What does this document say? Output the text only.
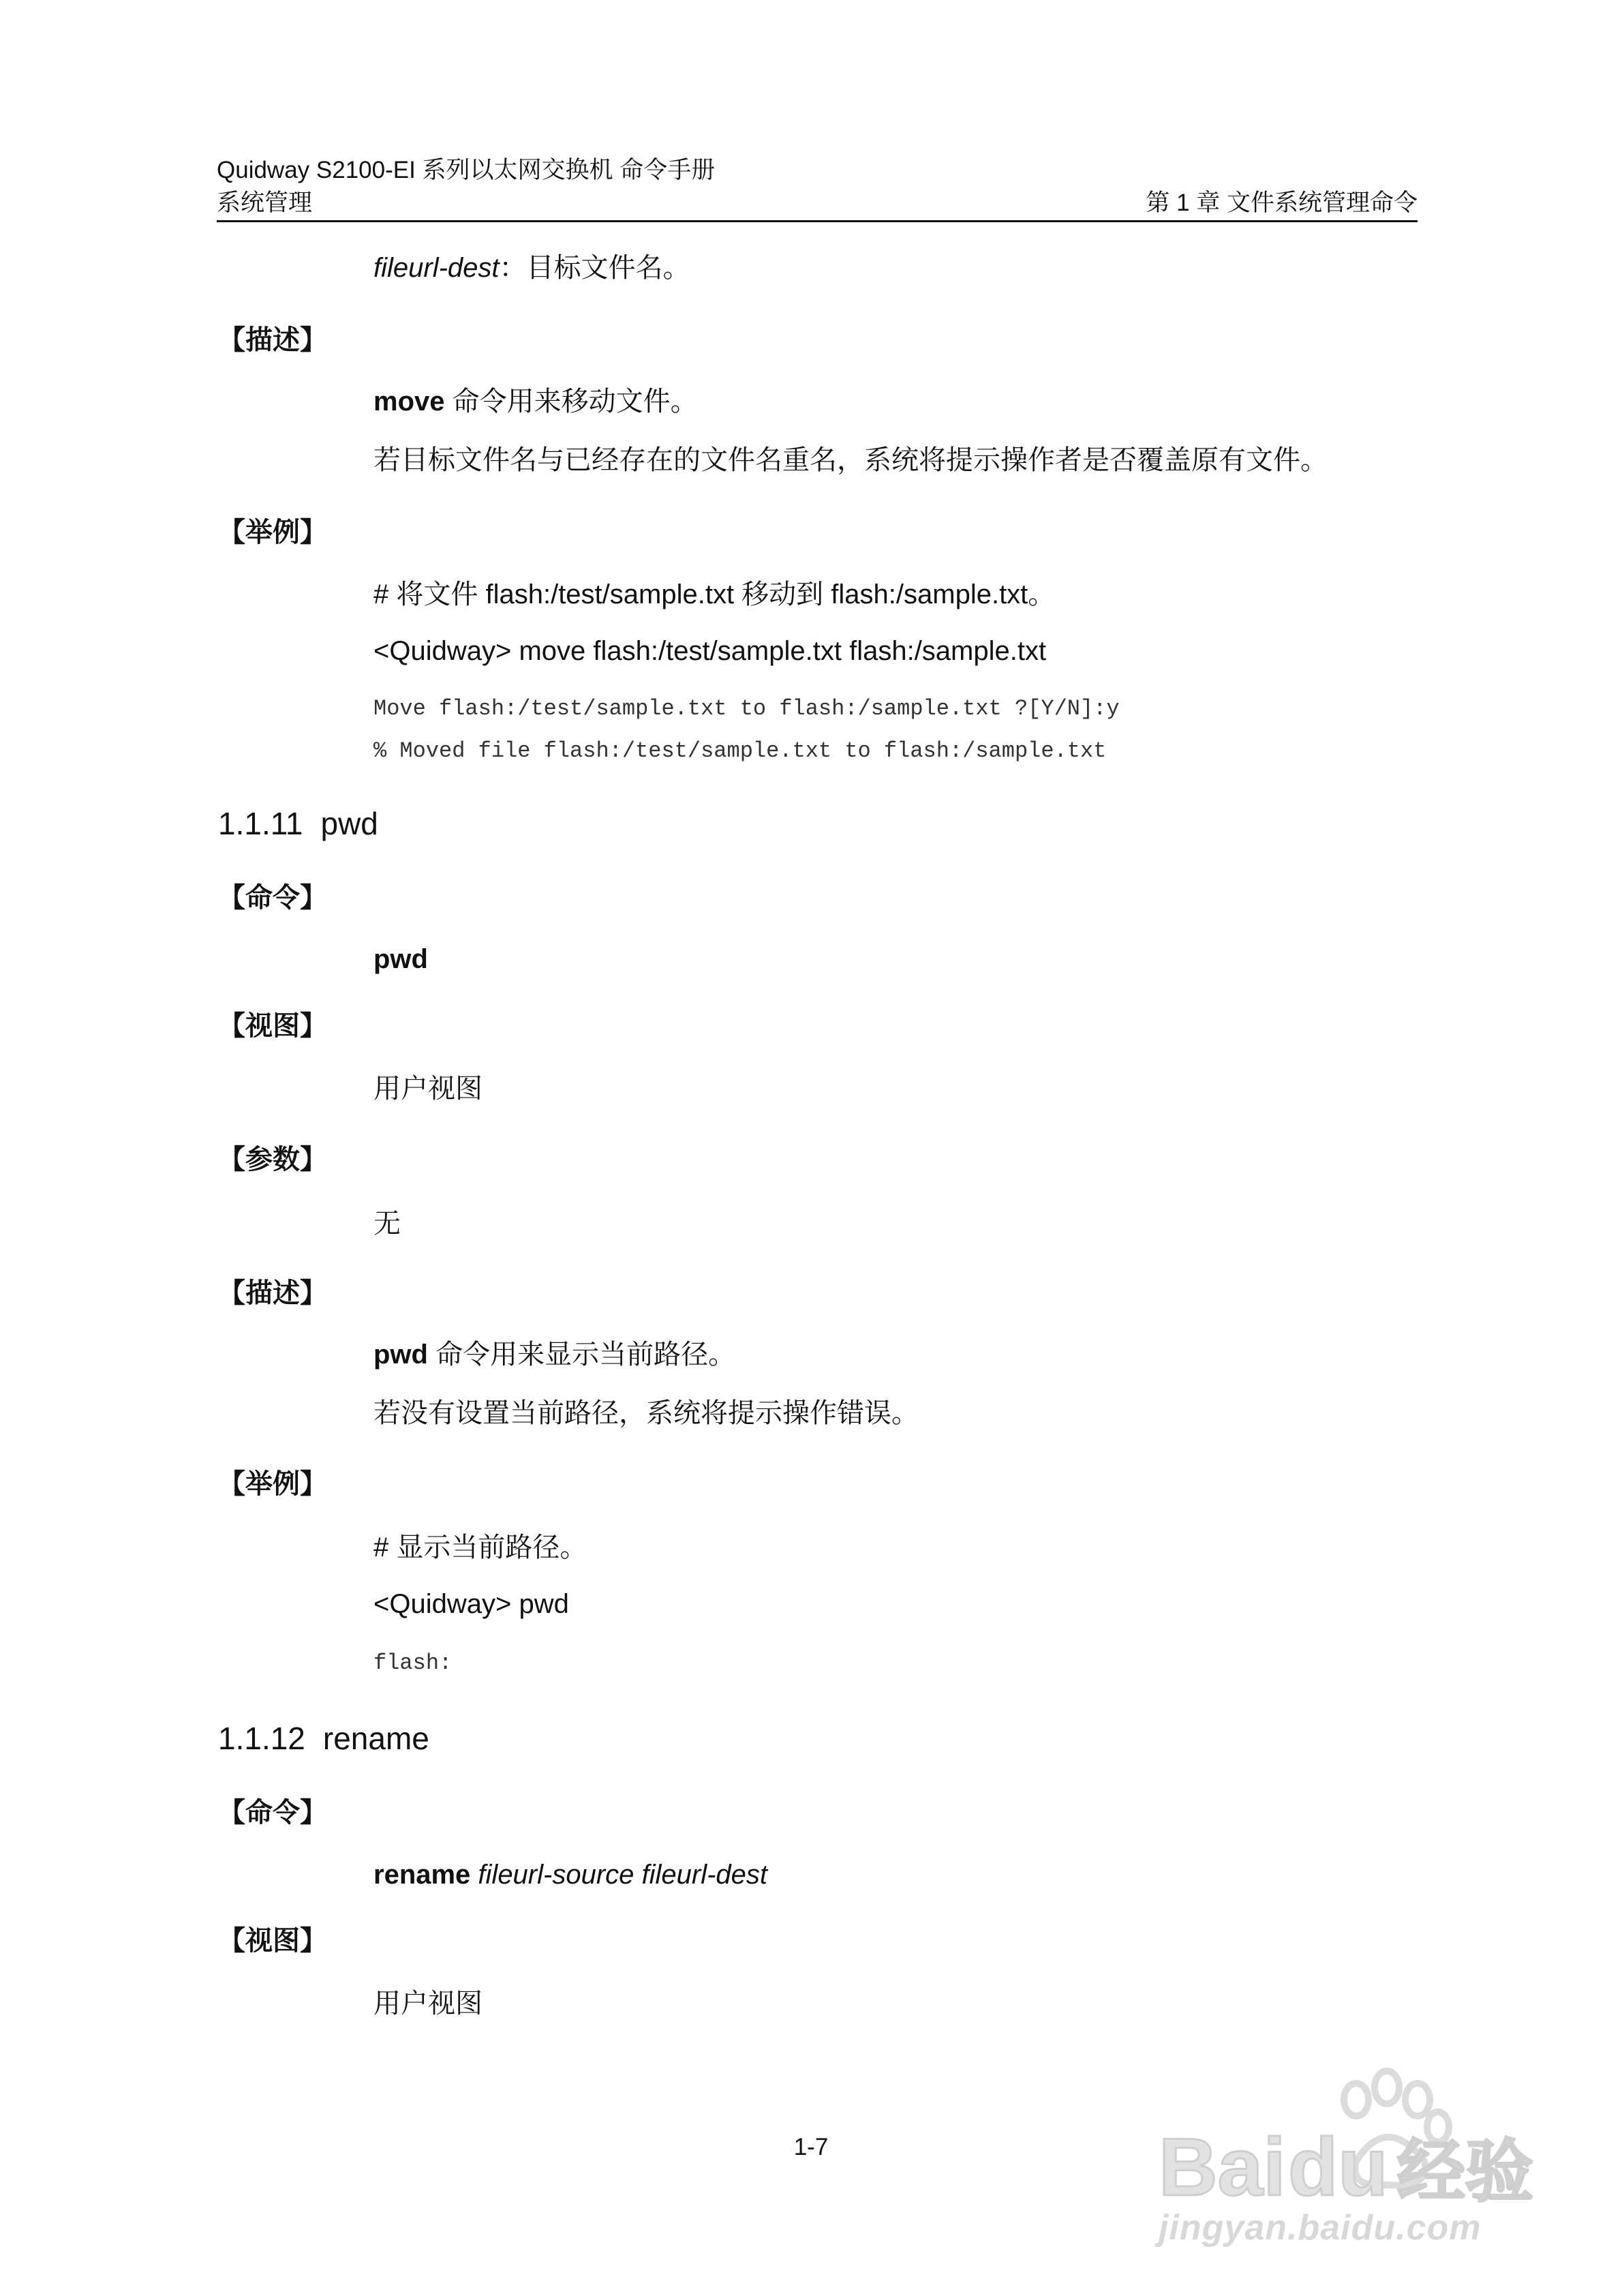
Quidway S2100-EI 系列以太网交换机 命令手册
系统管理	第 1 章 文件系统管理命令
fileurl-dest：目标文件名。
【描述】
move 命令用来移动文件。
若目标文件名与已经存在的文件名重名，系统将提示操作者是否覆盖原有文件。
【举例】
# 将文件 flash:/test/sample.txt 移动到 flash:/sample.txt。
<Quidway> move flash:/test/sample.txt flash:/sample.txt
Move flash:/test/sample.txt to flash:/sample.txt ?[Y/N]:y
% Moved file flash:/test/sample.txt to flash:/sample.txt
1.1.11 pwd
【命令】
pwd
【视图】
用户视图
【参数】
无
【描述】
pwd 命令用来显示当前路径。
若没有设置当前路径，系统将提示操作错误。
【举例】
# 显示当前路径。
<Quidway> pwd
flash:
1.1.12 rename
【命令】
rename fileurl-source fileurl-dest
【视图】
用户视图
1-7	Bai du 经验
jingyan.baidu.com
